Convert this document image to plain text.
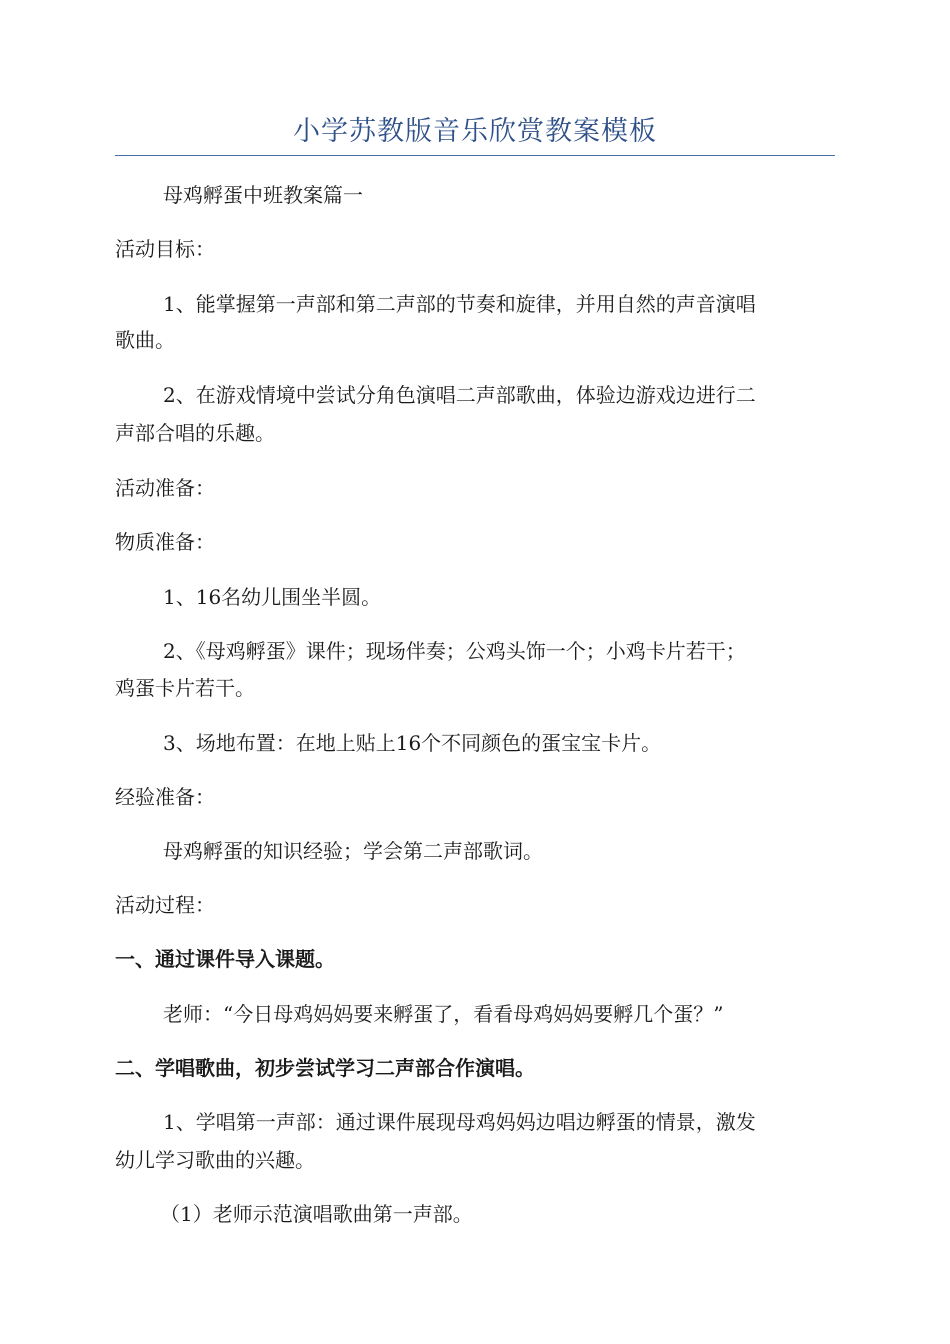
小学苏教版音乐欣赏教案模板
母鸡孵蛋中班教案篇一
活动目标：
1、能掌握第一声部和第二声部的节奏和旋律，并用自然的声音演唱
歌曲。
2、在游戏情境中尝试分角色演唱二声部歌曲，体验边游戏边进行二
声部合唱的乐趣。
活动准备：
物质准备：
1、16名幼儿围坐半圆。
2、《母鸡孵蛋》课件；现场伴奏；公鸡头饰一个；小鸡卡片若干；
鸡蛋卡片若干。
3、场地布置：在地上贴上16个不同颜色的蛋宝宝卡片。
经验准备：
母鸡孵蛋的知识经验；学会第二声部歌词。
活动过程：
一、通过课件导入课题。
老师：“今日母鸡妈妈要来孵蛋了，看看母鸡妈妈要孵几个蛋？”
二、学唱歌曲，初步尝试学习二声部合作演唱。
1、学唱第一声部：通过课件展现母鸡妈妈边唱边孵蛋的情景，激发
幼儿学习歌曲的兴趣。
（1）老师示范演唱歌曲第一声部。
